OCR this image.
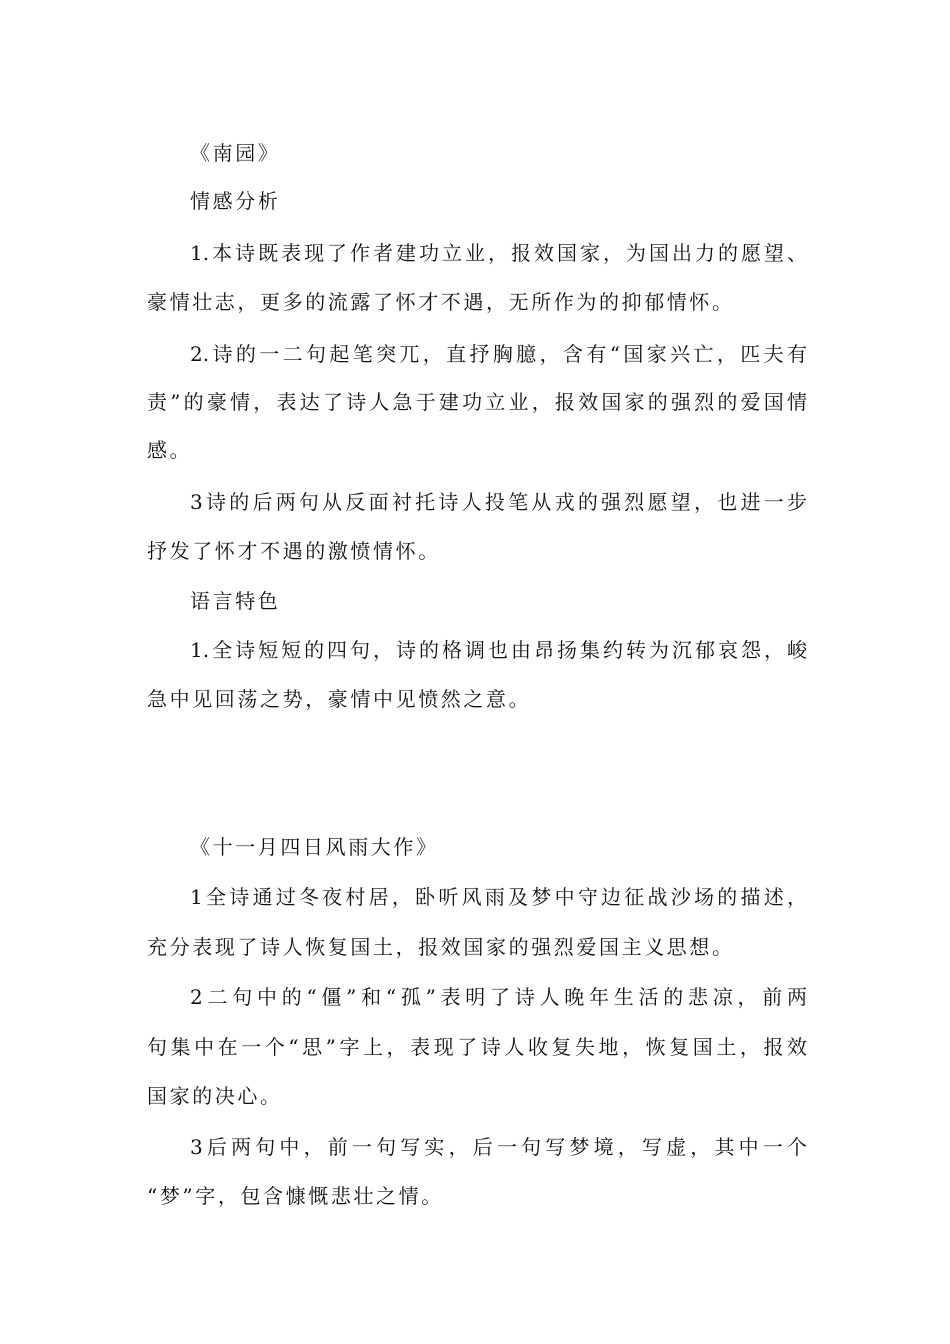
《南园》
情感分析
1.本诗既表现了作者建功立业，报效国家，为国出力的愿望、
豪情壮志，更多的流露了怀才不遇，无所作为的抑郁情怀。
2.诗的一二句起笔突兀，直抒胸臆，含有“国家兴亡，匹夫有
责”的豪情，表达了诗人急于建功立业，报效国家的强烈的爱国情
感。
3诗的后两句从反面衬托诗人投笔从戎的强烈愿望，也进一步
抒发了怀才不遇的激愤情怀。
语言特色
1.全诗短短的四句，诗的格调也由昂扬集约转为沉郁哀怨，峻
急中见回荡之势，豪情中见愤然之意。
《十一月四日风雨大作》
1全诗通过冬夜村居，卧听风雨及梦中守边征战沙场的描述，
充分表现了诗人恢复国土，报效国家的强烈爱国主义思想。
2二句中的“僵”和“孤”表明了诗人晚年生活的悲凉，前两
句集中在一个“思”字上，表现了诗人收复失地，恢复国土，报效
国家的决心。
3后两句中，前一句写实，后一句写梦境，写虚，其中一个
“梦”字，包含慷慨悲壮之情。
